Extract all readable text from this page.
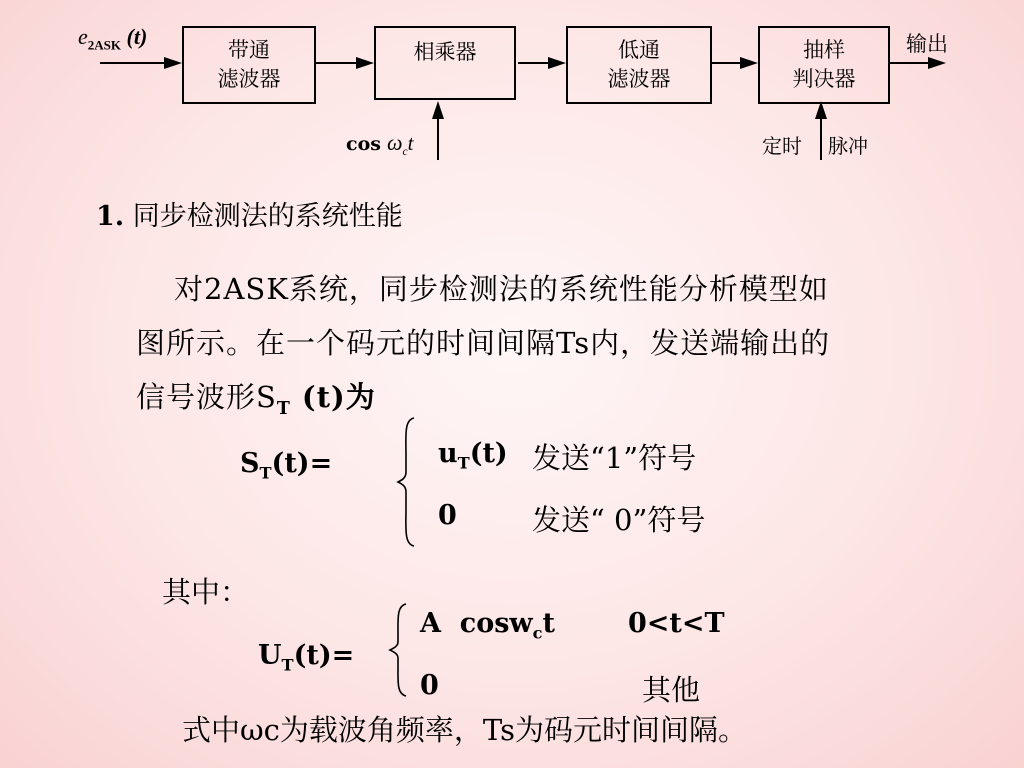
$e_{2ASK}$ (t)
带通
滤波器
相乘器	低通
滤波器
抽样
判决器
输出
$\cos \omega_ct$	定时 脉冲
1. 同步检测法的系统性能
对2ASK系统，同步检测法的系统性能分析模型如
图所示。在一个码元的时间间隔Ts内，发送端输出的
信号波形$S_T$ (t)为
$S_T(t)=$	$u_T(t)$ 发送“1”符号
0	发送“ 0”符号
其中：
$U_T(t)=$
A  cosw$_c$t	0<t<T
0	其他
式中ωc为载波角频率，Ts为码元时间间隔。
